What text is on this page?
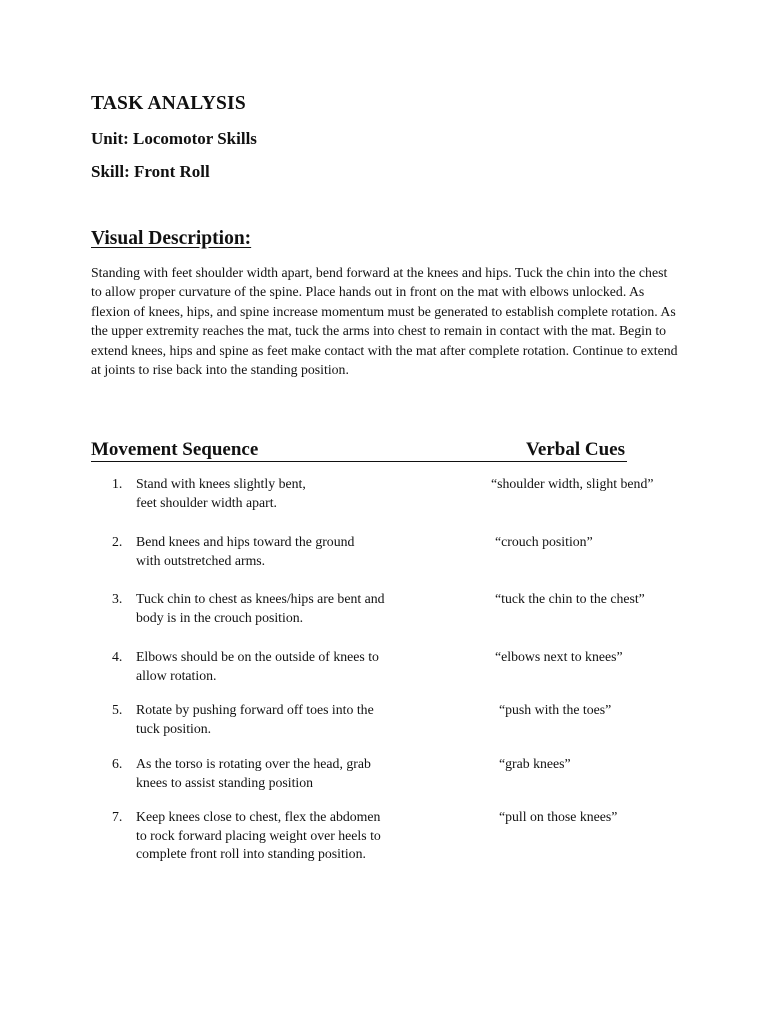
TASK ANALYSIS
Unit: Locomotor Skills
Skill: Front Roll
Visual Description:

Standing with feet shoulder width apart, bend forward at the knees and hips. Tuck the chin into the chest to allow proper curvature of the spine. Place hands out in front on the mat with elbows unlocked. As flexion of knees, hips, and spine increase momentum must be generated to establish complete rotation. As the upper extremity reaches the mat, tuck the arms into chest to remain in contact with the mat. Begin to extend knees, hips and spine as feet make contact with the mat after complete rotation. Continue to extend at joints to rise back into the standing position.

Movement Sequence	Verbal Cues
1. Stand with knees slightly bent,
feet shoulder width apart.

“shoulder width, slight bend”
2. Bend knees and hips toward the ground
with outstretched arms.

“crouch position”
3. Tuck chin to chest as knees/hips are bent and
body is in the crouch position.

“tuck the chin to the chest”
4. Elbows should be on the outside of knees to
allow rotation.

“elbows next to knees”
5. Rotate by pushing forward off toes into the
tuck position.

“push with the toes”
6. As the torso is rotating over the head, grab
knees to assist standing position

“grab knees”
7. Keep knees close to chest, flex the abdomen
to rock forward placing weight over heels to
complete front roll into standing position.

“pull on those knees”
